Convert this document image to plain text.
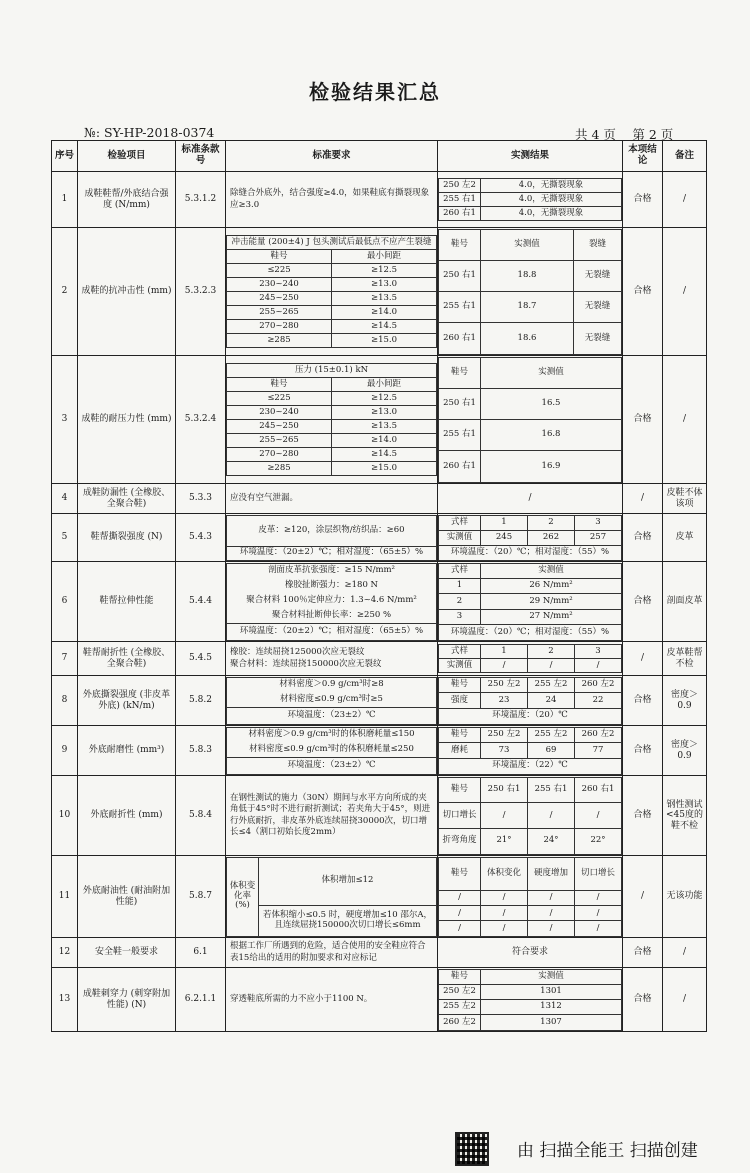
检验结果汇总
№: SY-HP-2018-0374	共 4 页　 第 2 页
序号	检验项目	标准条款号	标准要求	实测结果	本项结论	备注
1	成鞋鞋帮/外底结合强度 (N/mm)	5.3.1.2	
除缝合外底外，结合强度≥4.0，如果鞋底有撕裂现象应≥3.0

250 左2	4.0，无撕裂现象
255 右1	4.0，无撕裂现象
260 右1	4.0，无撕裂现象
	合格	/
2	成鞋的抗冲击性 (mm)	5.3.2.3	
冲击能量 (200±4) J 包头测试后最低点不应产生裂缝
鞋号	最小间距
≤225	≥12.5
230~240	≥13.0
245~250	≥13.5
255~265	≥14.0
270~280	≥14.5
≥285	≥15.0

鞋号	实测值	裂缝
250 右1	18.8	无裂缝
255 右1	18.7	无裂缝
260 右1	18.6	无裂缝
	合格	/
3	成鞋的耐压力性 (mm)	5.3.2.4	
压力 (15±0.1) kN
鞋号	最小间距
≤225	≥12.5
230~240	≥13.0
245~250	≥13.5
255~265	≥14.0
270~280	≥14.5
≥285	≥15.0

鞋号	实测值
250 右1	16.5
255 右1	16.8
260 右1	16.9
	合格	/
4	成鞋防漏性 (全橡胶、全聚合鞋)	5.3.3	应没有空气泄漏。	/	/	皮鞋不体该项
5	鞋帮撕裂强度 (N)	5.4.3	
皮革：≥120，涂层织物/纺织品：≥60
环境温度：（20±2）℃；相对湿度：（65±5）%

式样	1	2	3
实测值	245	262	257
环境温度：（20）℃；相对湿度：（55）%
	合格	皮革
6	鞋帮拉伸性能	5.4.4	
剖面皮革抗张强度：≥15 N/mm²
橡胶扯断强力：≥180 N
聚合材料 100％定伸应力：1.3~4.6 N/mm²
聚合材料扯断伸长率：≥250 %
环境温度：（20±2）℃；相对湿度：（65±5）%

式样	实测值
1	26 N/mm²
2	29 N/mm²
3	27 N/mm²
环境温度：（20）℃；相对湿度：（55）%
	合格	剖面皮革
7	鞋帮耐折性 (全橡胶、全聚合鞋)	5.4.5	
橡胶：连续屈挠125000次应无裂纹
聚合材料：连续屈挠150000次应无裂纹

式样	1	2	3
实测值	/	/	/
	/	皮革鞋帮不检
8	外底撕裂强度 (非皮革外底) (kN/m)	5.8.2	
材料密度＞0.9 g/cm³时≥8
材料密度≤0.9 g/cm³时≥5
环境温度：（23±2）℃

鞋号	250 左2	255 左2	260 左2
强度	23	24	22
环境温度：（20）℃
	合格	密度＞0.9
9	外底耐磨性 (mm³)	5.8.3	
材料密度＞0.9 g/cm³时的体积磨耗量≤150
材料密度≤0.9 g/cm³时的体积磨耗量≤250
环境温度：（23±2）℃

鞋号	250 左2	255 左2	260 左2
磨耗	73	69	77
环境温度：（22）℃
	合格	密度＞0.9
10	外底耐折性 (mm)	5.8.4	
在钢性测试的施力（30N）期间与水平方向所成的夹角低于45°时不进行耐折测试；若夹角大于45°，则进行外底耐折，非皮革外底连续屈挠30000次，切口增长≤4（割口初始长度2mm）

鞋号	250 右1	255 右1	260 右1
切口增长	/	/	/
折弯角度	21°	24°	22°
	合格	钢性测试<45度的鞋不检
11	外底耐油性 (耐油附加性能)	5.8.7	
体积变化率 (%)	体积增加≤12
若体积缩小≤0.5 时，硬度增加≤10 邵尔A，且连续屈挠150000次切口增长≤6mm

鞋号	体积变化	硬度增加	切口增长
/	/	/	/
/	/	/	/
/	/	/	/
	/	无该功能
12	安全鞋一般要求	6.1	
根据工作厂所遇到的危险，适合使用的安全鞋应符合表15给出的适用的附加要求和对应标记
	符合要求	合格	/
13	成鞋刺穿力 (刺穿附加性能) (N)	6.2.1.1	穿透鞋底所需的力不应小于1100 N。

鞋号	实测值
250 左2	1301
255 左2	1312
260 左2	1307
	合格	/
由 扫描全能王 扫描创建
